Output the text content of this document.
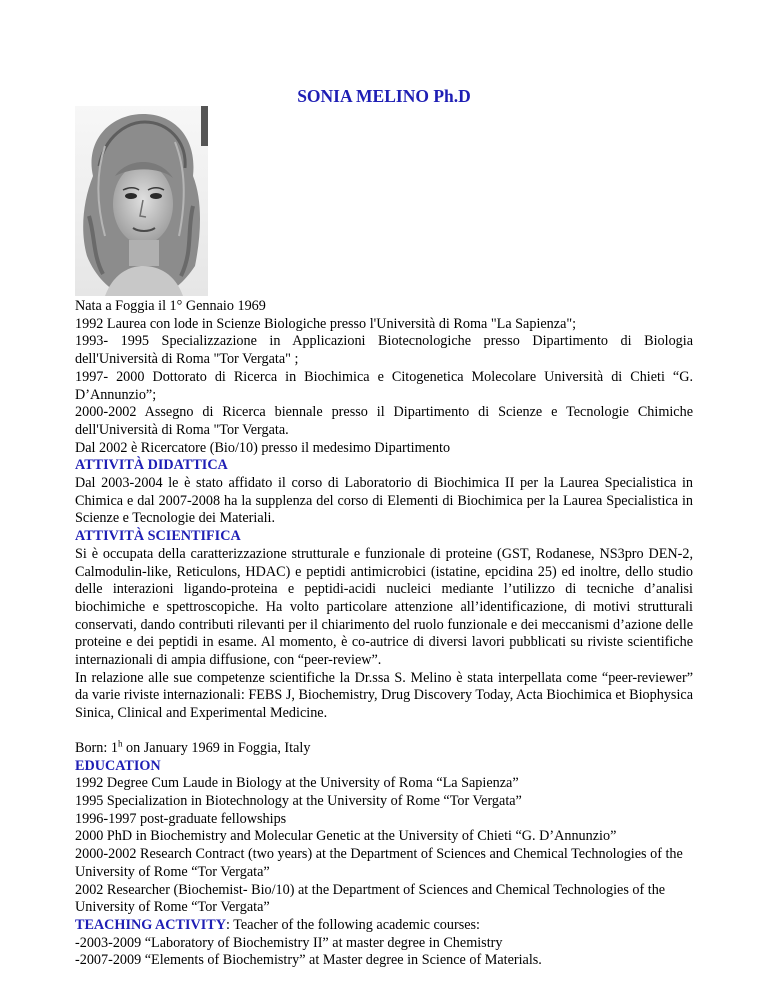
SONIA MELINO Ph.D

Nata a Foggia il 1° Gennaio 1969

1992 Laurea con lode in Scienze Biologiche presso l'Università di Roma "La Sapienza";

1993- 1995 Specializzazione in Applicazioni Biotecnologiche presso Dipartimento di Biologia dell'Università di Roma "Tor Vergata" ;

1997- 2000 Dottorato di Ricerca in Biochimica e Citogenetica Molecolare Università di Chieti “G. D’Annunzio”;

2000-2002 Assegno di Ricerca biennale presso il Dipartimento di Scienze e Tecnologie Chimiche dell'Università di Roma "Tor Vergata.

Dal 2002 è Ricercatore (Bio/10) presso il medesimo Dipartimento

ATTIVITÀ DIDATTICA

Dal 2003-2004 le è stato affidato il corso di Laboratorio di Biochimica II per la Laurea Specialistica in Chimica e dal 2007-2008 ha la supplenza del corso di Elementi di Biochimica per la Laurea Specialistica in Scienze e Tecnologie dei Materiali.

ATTIVITÀ SCIENTIFICA

Si è occupata della caratterizzazione strutturale e funzionale di proteine (GST, Rodanese, NS3pro DEN-2, Calmodulin-like, Reticulons, HDAC) e peptidi antimicrobici (istatine, epcidina 25) ed inoltre, dello studio delle interazioni ligando-proteina e peptidi-acidi nucleici mediante l’utilizzo di tecniche d’analisi biochimiche e spettroscopiche. Ha volto particolare attenzione all’identificazione, di motivi strutturali conservati, dando contributi rilevanti per il chiarimento del ruolo funzionale e dei meccanismi d’azione delle proteine e dei peptidi in esame. Al momento, è co-autrice di diversi lavori pubblicati su riviste scientifiche internazionali di ampia diffusione, con “peer-review”.

In relazione alle sue competenze scientifiche la Dr.ssa S. Melino è stata interpellata come “peer-reviewer” da varie riviste internazionali: FEBS J, Biochemistry, Drug Discovery Today, Acta Biochimica et Biophysica Sinica, Clinical and Experimental Medicine.

Born: 1$^h$ on January 1969 in Foggia, Italy

EDUCATION

1992 Degree Cum Laude in Biology at the University of Roma “La Sapienza”

1995 Specialization in Biotechnology at the University of Rome “Tor Vergata”

1996-1997 post-graduate fellowships

2000 PhD in Biochemistry and Molecular Genetic at the University of Chieti “G. D’Annunzio”

2000-2002 Research Contract (two years) at the Department of Sciences and Chemical Technologies of the University of Rome “Tor Vergata”

2002 Researcher (Biochemist- Bio/10) at the Department of Sciences and Chemical Technologies of the University of Rome “Tor Vergata”

TEACHING ACTIVITY: Teacher of the following academic courses:

-2003-2009 “Laboratory of Biochemistry II” at master degree in Chemistry

-2007-2009 “Elements of Biochemistry” at Master degree in Science of Materials.
